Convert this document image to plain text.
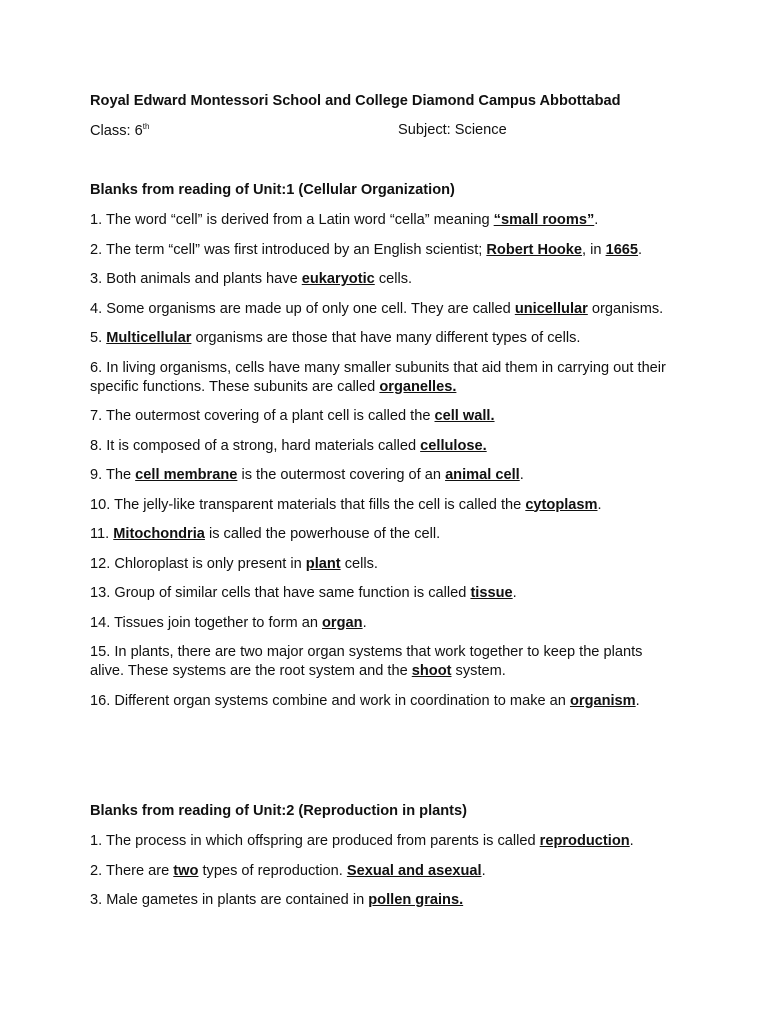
Royal Edward Montessori School and College Diamond Campus Abbottabad
Class: 6th	Subject: Science
Blanks from reading of Unit:1 (Cellular Organization)
1. The word “cell” is derived from a Latin word “cella” meaning “small rooms”.
2. The term “cell” was first introduced by an English scientist; Robert Hooke, in 1665.
3. Both animals and plants have eukaryotic cells.
4. Some organisms are made up of only one cell. They are called unicellular organisms.
5. Multicellular organisms are those that have many different types of cells.
6. In living organisms, cells have many smaller subunits that aid them in carrying out their specific functions. These subunits are called organelles.
7. The outermost covering of a plant cell is called the cell wall.
8. It is composed of a strong, hard materials called cellulose.
9. The cell membrane is the outermost covering of an animal cell.
10. The jelly-like transparent materials that fills the cell is called the cytoplasm.
11. Mitochondria is called the powerhouse of the cell.
12. Chloroplast is only present in plant cells.
13. Group of similar cells that have same function is called tissue.
14. Tissues join together to form an organ.
15. In plants, there are two major organ systems that work together to keep the plants alive. These systems are the root system and the shoot system.
16. Different organ systems combine and work in coordination to make an organism.
Blanks from reading of Unit:2 (Reproduction in plants)
1. The process in which offspring are produced from parents is called reproduction.
2. There are two types of reproduction. Sexual and asexual.
3. Male gametes in plants are contained in pollen grains.
